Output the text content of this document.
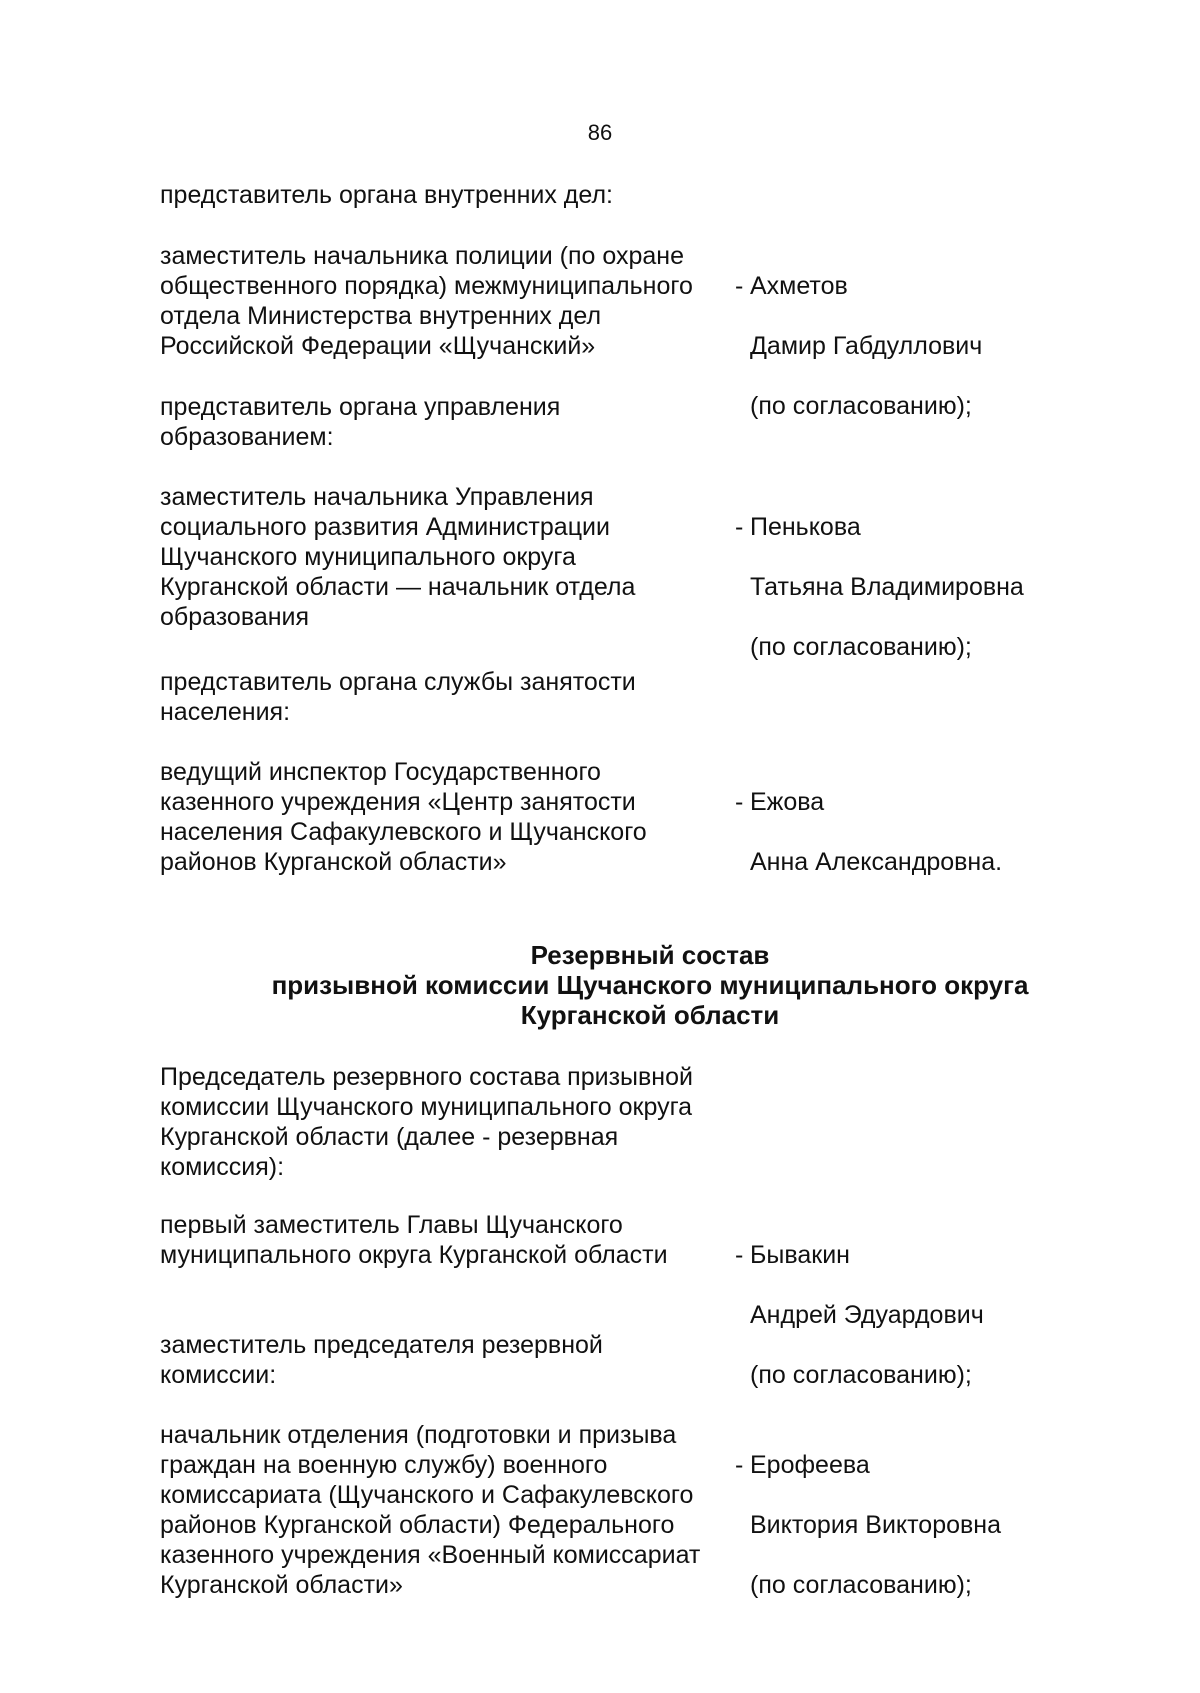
86
представитель органа внутренних дел:
заместитель начальника полиции (по охране
общественного порядка) межмуниципального
отдела Министерства внутренних дел
Российской Федерации «Щучанский»

- Ахметов

Дамир Габдуллович

(по согласованию);

представитель органа управления
образованием:
заместитель начальника Управления
социального развития Администрации
Щучанского муниципального округа
Курганской области — начальник отдела
образования

- Пенькова

Татьяна Владимировна

(по согласованию);

представитель органа службы занятости
населения:
ведущий инспектор Государственного
казенного учреждения «Центр занятости
населения Сафакулевского и Щучанского
районов Курганской области»

- Ежова

Анна Александровна.

Резервный состав
призывной комиссии Щучанского муниципального округа
Курганской области
Председатель резервного состава призывной
комиссии Щучанского муниципального округа
Курганской области (далее - резервная
комиссия):
первый заместитель Главы Щучанского
муниципального округа Курганской области	- Бывакин

Андрей Эдуардович

(по согласованию);

заместитель председателя резервной
комиссии:
начальник отделения (подготовки и призыва
граждан на военную службу) военного
комиссариата (Щучанского и Сафакулевского
районов Курганской области) Федерального
казенного учреждения «Военный комиссариат
Курганской области»

- Ерофеева

Виктория Викторовна

(по согласованию);
